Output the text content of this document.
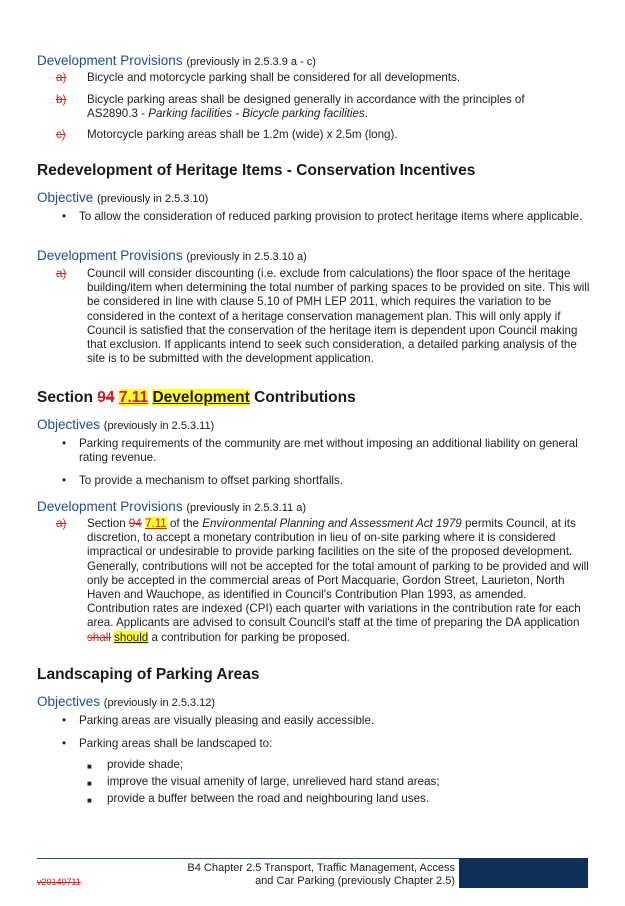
Development Provisions (previously in 2.5.3.9 a - c)
a) Bicycle and motorcycle parking shall be considered for all developments.
b) Bicycle parking areas shall be designed generally in accordance with the principles of
AS2890.3 - Parking facilities - Bicycle parking facilities.
c) Motorcycle parking areas shall be 1.2m (wide) x 2.5m (long).
Redevelopment of Heritage Items - Conservation Incentives
Objective (previously in 2.5.3.10)
• To allow the consideration of reduced parking provision to protect heritage items where applicable.
Development Provisions (previously in 2.5.3.10 a)
a) Council will consider discounting (i.e. exclude from calculations) the floor space of the heritage building/item when determining the total number of parking spaces to be provided on site. This will be considered in line with clause 5.10 of PMH LEP 2011, which requires the variation to be considered in the context of a heritage conservation management plan. This will only apply if Council is satisfied that the conservation of the heritage item is dependent upon Council making that exclusion. If applicants intend to seek such consideration, a detailed parking analysis of the site is to be submitted with the development application.
Section 94 7.11 Development Contributions
Objectives (previously in 2.5.3.11)
• Parking requirements of the community are met without imposing an additional liability on general rating revenue.
• To provide a mechanism to offset parking shortfalls.
Development Provisions (previously in 2.5.3.11 a)
a) Section 94 7.11 of the Environmental Planning and Assessment Act 1979 permits Council, at its discretion, to accept a monetary contribution in lieu of on-site parking where it is considered impractical or undesirable to provide parking facilities on the site of the proposed development. Generally, contributions will not be accepted for the total amount of parking to be provided and will only be accepted in the commercial areas of Port Macquarie, Gordon Street, Laurieton, North Haven and Wauchope, as identified in Council's Contribution Plan 1993, as amended. Contribution rates are indexed (CPI) each quarter with variations in the contribution rate for each area. Applicants are advised to consult Council's staff at the time of preparing the DA application shall should a contribution for parking be proposed.
Landscaping of Parking Areas
Objectives (previously in 2.5.3.12)
• Parking areas are visually pleasing and easily accessible.
• Parking areas shall be landscaped to:
■ provide shade;
■ improve the visual amenity of large, unrelieved hard stand areas;
■ provide a buffer between the road and neighbouring land uses.
v20140711
B4 Chapter 2.5 Transport, Traffic Management, Access
and Car Parking (previously Chapter 2.5)
